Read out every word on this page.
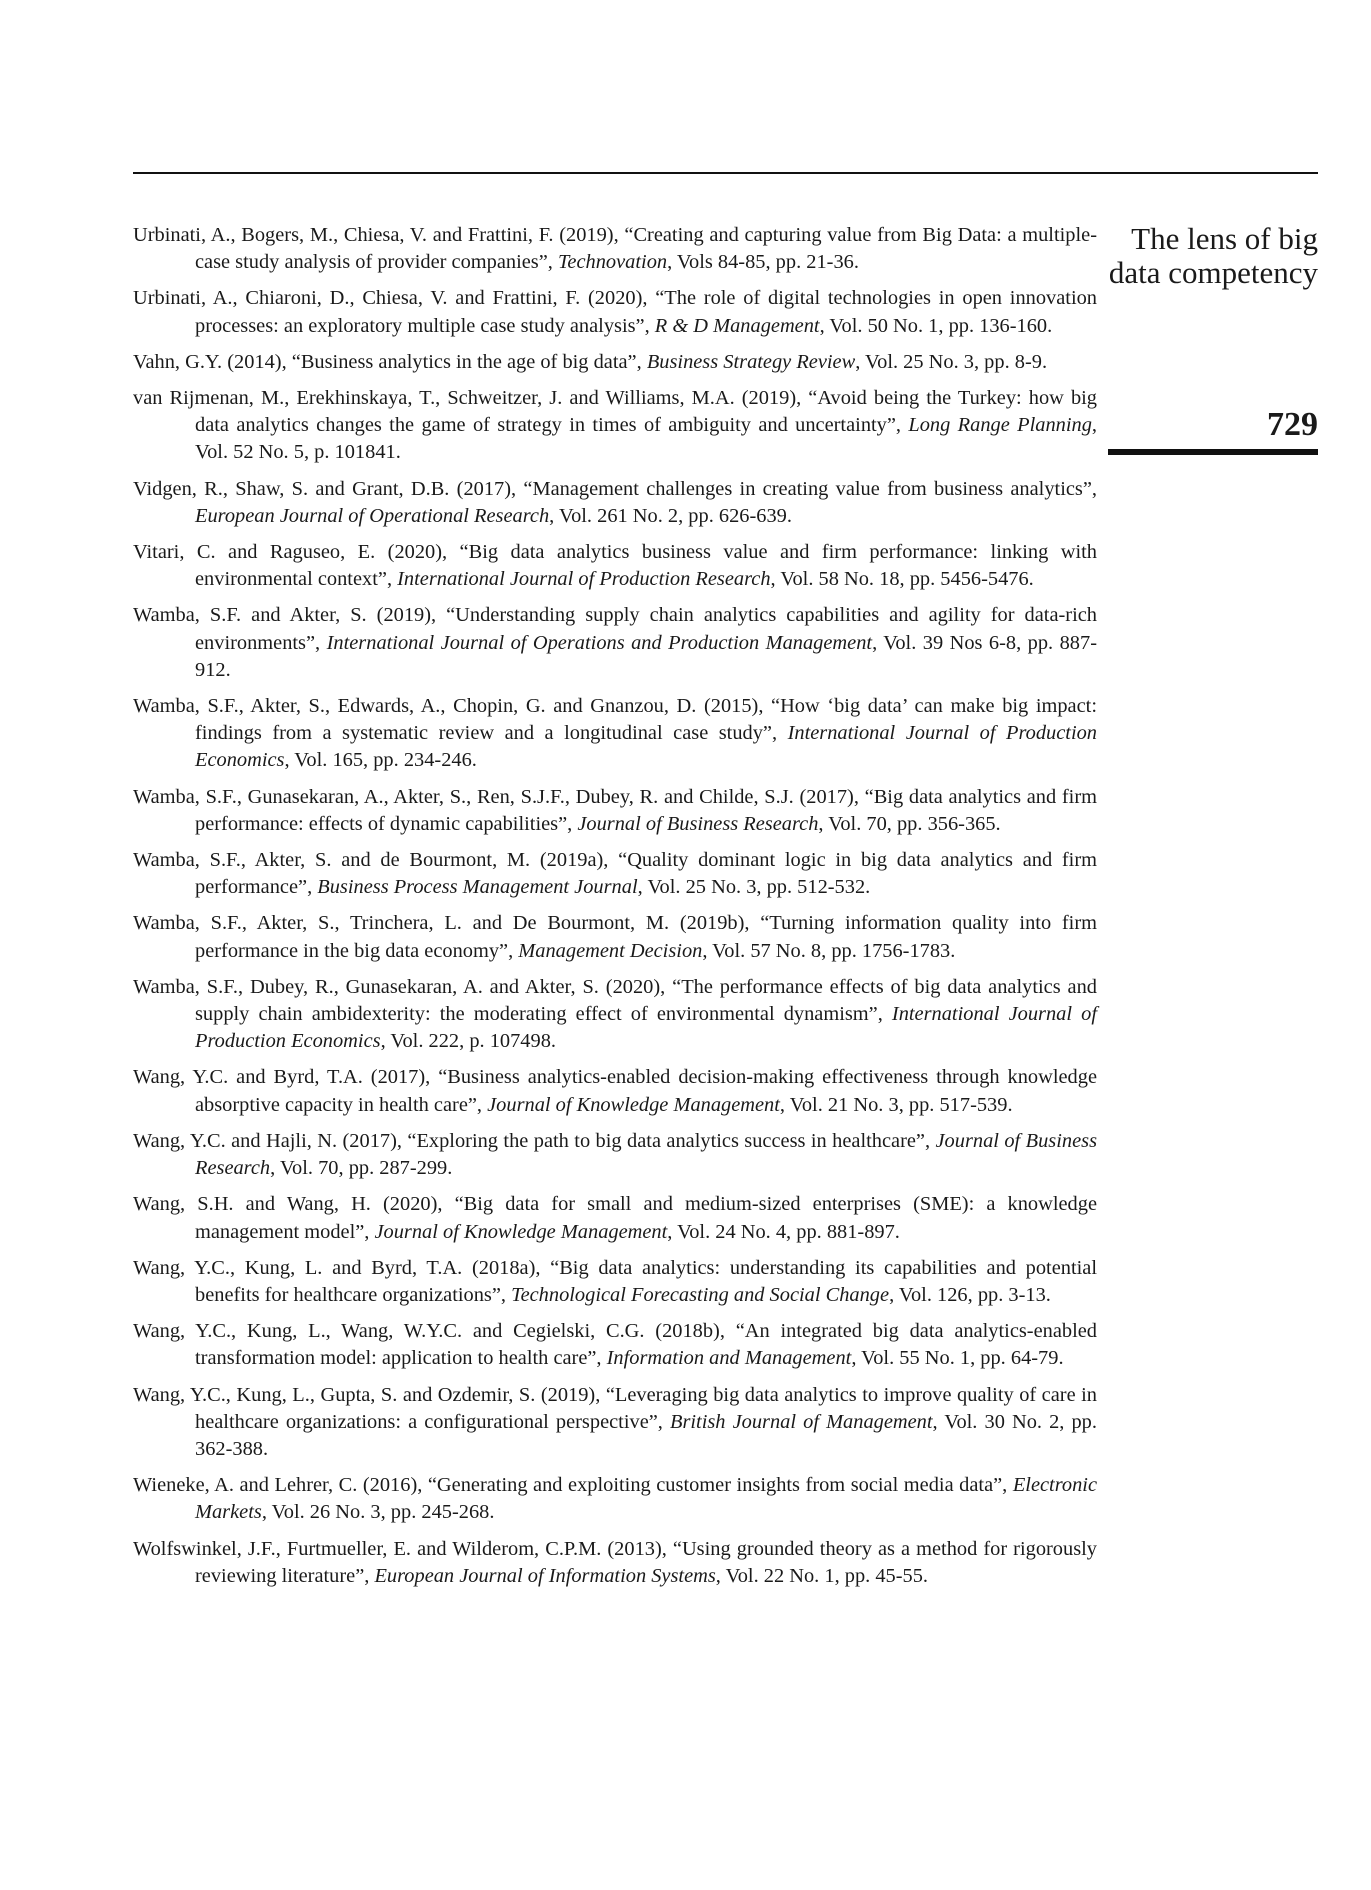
The lens of big data competency
729

Urbinati, A., Bogers, M., Chiesa, V. and Frattini, F. (2019), “Creating and capturing value from Big Data: a multiple-case study analysis of provider companies”, Technovation, Vols 84-85, pp. 21-36.

Urbinati, A., Chiaroni, D., Chiesa, V. and Frattini, F. (2020), “The role of digital technologies in open innovation processes: an exploratory multiple case study analysis”, R & D Management, Vol. 50 No. 1, pp. 136-160.

Vahn, G.Y. (2014), “Business analytics in the age of big data”, Business Strategy Review, Vol. 25 No. 3, pp. 8-9.

van Rijmenan, M., Erekhinskaya, T., Schweitzer, J. and Williams, M.A. (2019), “Avoid being the Turkey: how big data analytics changes the game of strategy in times of ambiguity and uncertainty”, Long Range Planning, Vol. 52 No. 5, p. 101841.

Vidgen, R., Shaw, S. and Grant, D.B. (2017), “Management challenges in creating value from business analytics”, European Journal of Operational Research, Vol. 261 No. 2, pp. 626-639.

Vitari, C. and Raguseo, E. (2020), “Big data analytics business value and firm performance: linking with environmental context”, International Journal of Production Research, Vol. 58 No. 18, pp. 5456-5476.

Wamba, S.F. and Akter, S. (2019), “Understanding supply chain analytics capabilities and agility for data-rich environments”, International Journal of Operations and Production Management, Vol. 39 Nos 6-8, pp. 887-912.

Wamba, S.F., Akter, S., Edwards, A., Chopin, G. and Gnanzou, D. (2015), “How ‘big data’ can make big impact: findings from a systematic review and a longitudinal case study”, International Journal of Production Economics, Vol. 165, pp. 234-246.

Wamba, S.F., Gunasekaran, A., Akter, S., Ren, S.J.F., Dubey, R. and Childe, S.J. (2017), “Big data analytics and firm performance: effects of dynamic capabilities”, Journal of Business Research, Vol. 70, pp. 356-365.

Wamba, S.F., Akter, S. and de Bourmont, M. (2019a), “Quality dominant logic in big data analytics and firm performance”, Business Process Management Journal, Vol. 25 No. 3, pp. 512-532.

Wamba, S.F., Akter, S., Trinchera, L. and De Bourmont, M. (2019b), “Turning information quality into firm performance in the big data economy”, Management Decision, Vol. 57 No. 8, pp. 1756-1783.

Wamba, S.F., Dubey, R., Gunasekaran, A. and Akter, S. (2020), “The performance effects of big data analytics and supply chain ambidexterity: the moderating effect of environmental dynamism”, International Journal of Production Economics, Vol. 222, p. 107498.

Wang, Y.C. and Byrd, T.A. (2017), “Business analytics-enabled decision-making effectiveness through knowledge absorptive capacity in health care”, Journal of Knowledge Management, Vol. 21 No. 3, pp. 517-539.

Wang, Y.C. and Hajli, N. (2017), “Exploring the path to big data analytics success in healthcare”, Journal of Business Research, Vol. 70, pp. 287-299.

Wang, S.H. and Wang, H. (2020), “Big data for small and medium-sized enterprises (SME): a knowledge management model”, Journal of Knowledge Management, Vol. 24 No. 4, pp. 881-897.

Wang, Y.C., Kung, L. and Byrd, T.A. (2018a), “Big data analytics: understanding its capabilities and potential benefits for healthcare organizations”, Technological Forecasting and Social Change, Vol. 126, pp. 3-13.

Wang, Y.C., Kung, L., Wang, W.Y.C. and Cegielski, C.G. (2018b), “An integrated big data analytics-enabled transformation model: application to health care”, Information and Management, Vol. 55 No. 1, pp. 64-79.

Wang, Y.C., Kung, L., Gupta, S. and Ozdemir, S. (2019), “Leveraging big data analytics to improve quality of care in healthcare organizations: a configurational perspective”, British Journal of Management, Vol. 30 No. 2, pp. 362-388.

Wieneke, A. and Lehrer, C. (2016), “Generating and exploiting customer insights from social media data”, Electronic Markets, Vol. 26 No. 3, pp. 245-268.

Wolfswinkel, J.F., Furtmueller, E. and Wilderom, C.P.M. (2013), “Using grounded theory as a method for rigorously reviewing literature”, European Journal of Information Systems, Vol. 22 No. 1, pp. 45-55.
